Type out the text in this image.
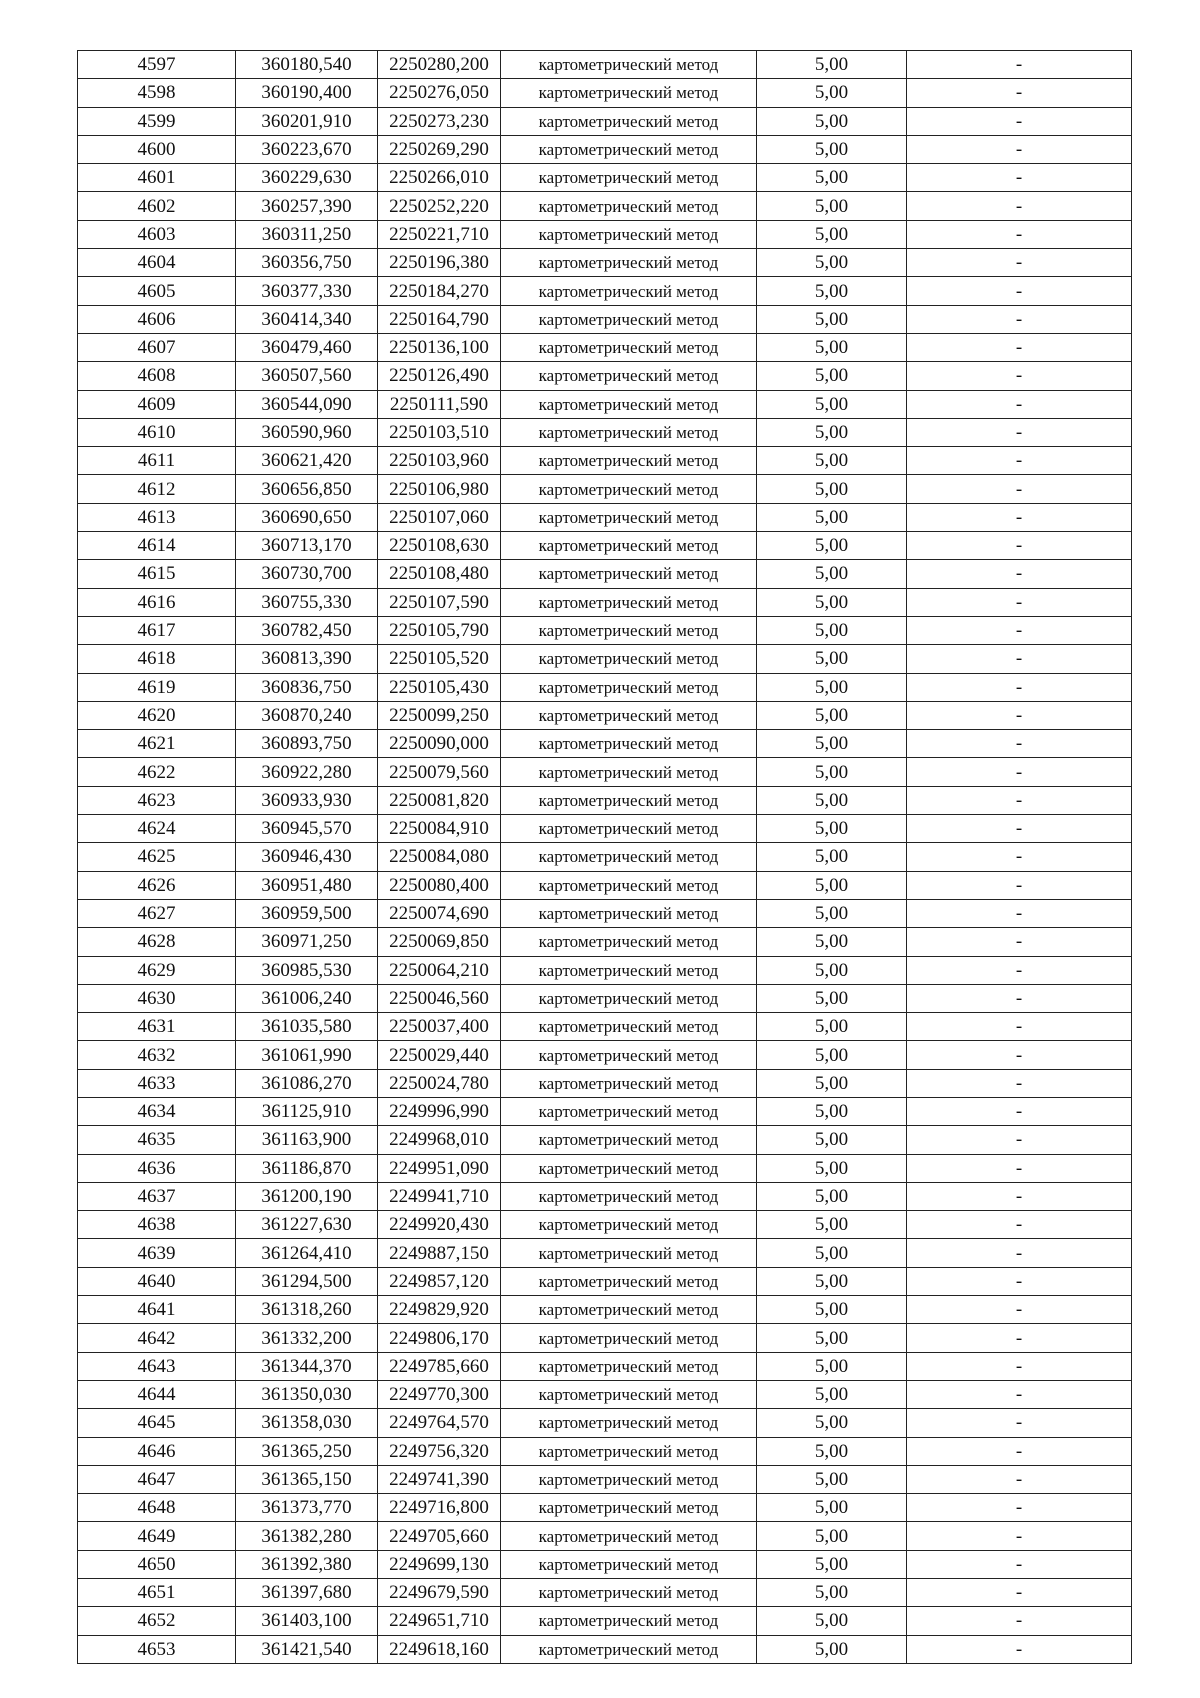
4597	360180,540	2250280,200	картометрический метод	5,00	-
4598	360190,400	2250276,050	картометрический метод	5,00	-
4599	360201,910	2250273,230	картометрический метод	5,00	-
4600	360223,670	2250269,290	картометрический метод	5,00	-
4601	360229,630	2250266,010	картометрический метод	5,00	-
4602	360257,390	2250252,220	картометрический метод	5,00	-
4603	360311,250	2250221,710	картометрический метод	5,00	-
4604	360356,750	2250196,380	картометрический метод	5,00	-
4605	360377,330	2250184,270	картометрический метод	5,00	-
4606	360414,340	2250164,790	картометрический метод	5,00	-
4607	360479,460	2250136,100	картометрический метод	5,00	-
4608	360507,560	2250126,490	картометрический метод	5,00	-
4609	360544,090	2250111,590	картометрический метод	5,00	-
4610	360590,960	2250103,510	картометрический метод	5,00	-
4611	360621,420	2250103,960	картометрический метод	5,00	-
4612	360656,850	2250106,980	картометрический метод	5,00	-
4613	360690,650	2250107,060	картометрический метод	5,00	-
4614	360713,170	2250108,630	картометрический метод	5,00	-
4615	360730,700	2250108,480	картометрический метод	5,00	-
4616	360755,330	2250107,590	картометрический метод	5,00	-
4617	360782,450	2250105,790	картометрический метод	5,00	-
4618	360813,390	2250105,520	картометрический метод	5,00	-
4619	360836,750	2250105,430	картометрический метод	5,00	-
4620	360870,240	2250099,250	картометрический метод	5,00	-
4621	360893,750	2250090,000	картометрический метод	5,00	-
4622	360922,280	2250079,560	картометрический метод	5,00	-
4623	360933,930	2250081,820	картометрический метод	5,00	-
4624	360945,570	2250084,910	картометрический метод	5,00	-
4625	360946,430	2250084,080	картометрический метод	5,00	-
4626	360951,480	2250080,400	картометрический метод	5,00	-
4627	360959,500	2250074,690	картометрический метод	5,00	-
4628	360971,250	2250069,850	картометрический метод	5,00	-
4629	360985,530	2250064,210	картометрический метод	5,00	-
4630	361006,240	2250046,560	картометрический метод	5,00	-
4631	361035,580	2250037,400	картометрический метод	5,00	-
4632	361061,990	2250029,440	картометрический метод	5,00	-
4633	361086,270	2250024,780	картометрический метод	5,00	-
4634	361125,910	2249996,990	картометрический метод	5,00	-
4635	361163,900	2249968,010	картометрический метод	5,00	-
4636	361186,870	2249951,090	картометрический метод	5,00	-
4637	361200,190	2249941,710	картометрический метод	5,00	-
4638	361227,630	2249920,430	картометрический метод	5,00	-
4639	361264,410	2249887,150	картометрический метод	5,00	-
4640	361294,500	2249857,120	картометрический метод	5,00	-
4641	361318,260	2249829,920	картометрический метод	5,00	-
4642	361332,200	2249806,170	картометрический метод	5,00	-
4643	361344,370	2249785,660	картометрический метод	5,00	-
4644	361350,030	2249770,300	картометрический метод	5,00	-
4645	361358,030	2249764,570	картометрический метод	5,00	-
4646	361365,250	2249756,320	картометрический метод	5,00	-
4647	361365,150	2249741,390	картометрический метод	5,00	-
4648	361373,770	2249716,800	картометрический метод	5,00	-
4649	361382,280	2249705,660	картометрический метод	5,00	-
4650	361392,380	2249699,130	картометрический метод	5,00	-
4651	361397,680	2249679,590	картометрический метод	5,00	-
4652	361403,100	2249651,710	картометрический метод	5,00	-
4653	361421,540	2249618,160	картометрический метод	5,00	-
